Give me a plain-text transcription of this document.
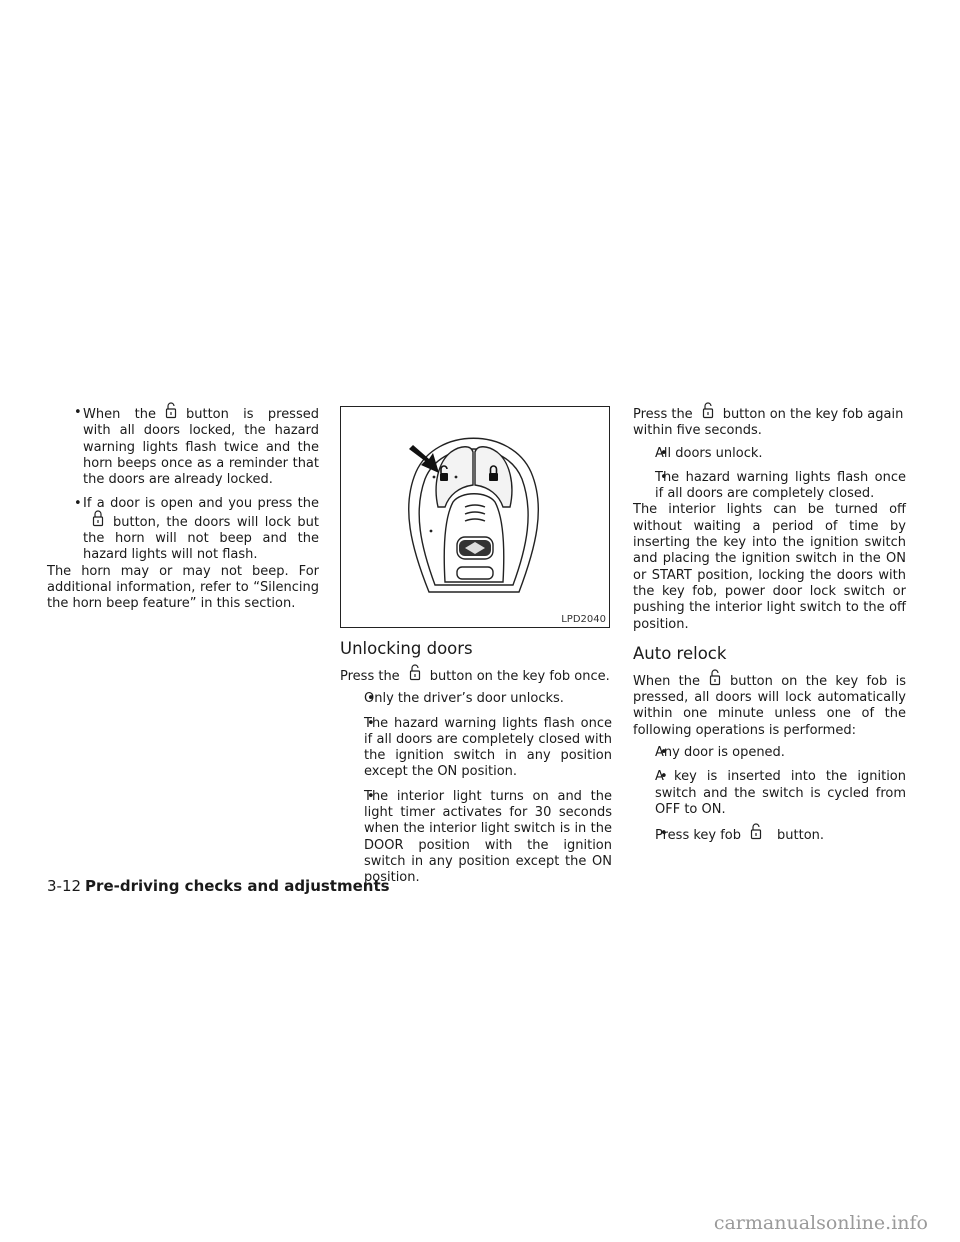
• When the button is pressed with all doors locked, the hazard warning lights flash twice and the horn beeps once as a reminder that the doors are already locked.

• If a door is open and you press the
button, the doors will lock but the horn will not beep and the hazard lights will not flash.

The horn may or may not beep. For additional information, refer to “Silencing the horn beep feature” in this section.

LPD2040
Unlocking doors

Press the button on the key fob once.

• Only the driver’s door unlocks.

• The hazard warning lights flash once if all doors are completely closed with the ignition switch in any position except the ON position.

• The interior light turns on and the light timer activates for 30 seconds when the interior light switch is in the DOOR position with the ignition switch in any position except the ON position.

Press the button on the key fob again within five seconds.

• All doors unlock.

• The hazard warning lights flash once if all doors are completely closed.

The interior lights can be turned off without waiting a period of time by inserting the key into the ignition switch and placing the ignition switch in the ON or START position, locking the doors with the key fob, power door lock switch or pushing the interior light switch to the off position.

Auto relock

When the button on the key fob is pressed, all doors will lock automatically within one minute unless one of the following operations is performed:

• Any door is opened.

• A key is inserted into the ignition switch and the switch is cycled from OFF to ON.

• Press key fob	button.

3-12 Pre-driving checks and adjustments
carmanualsonline.info
